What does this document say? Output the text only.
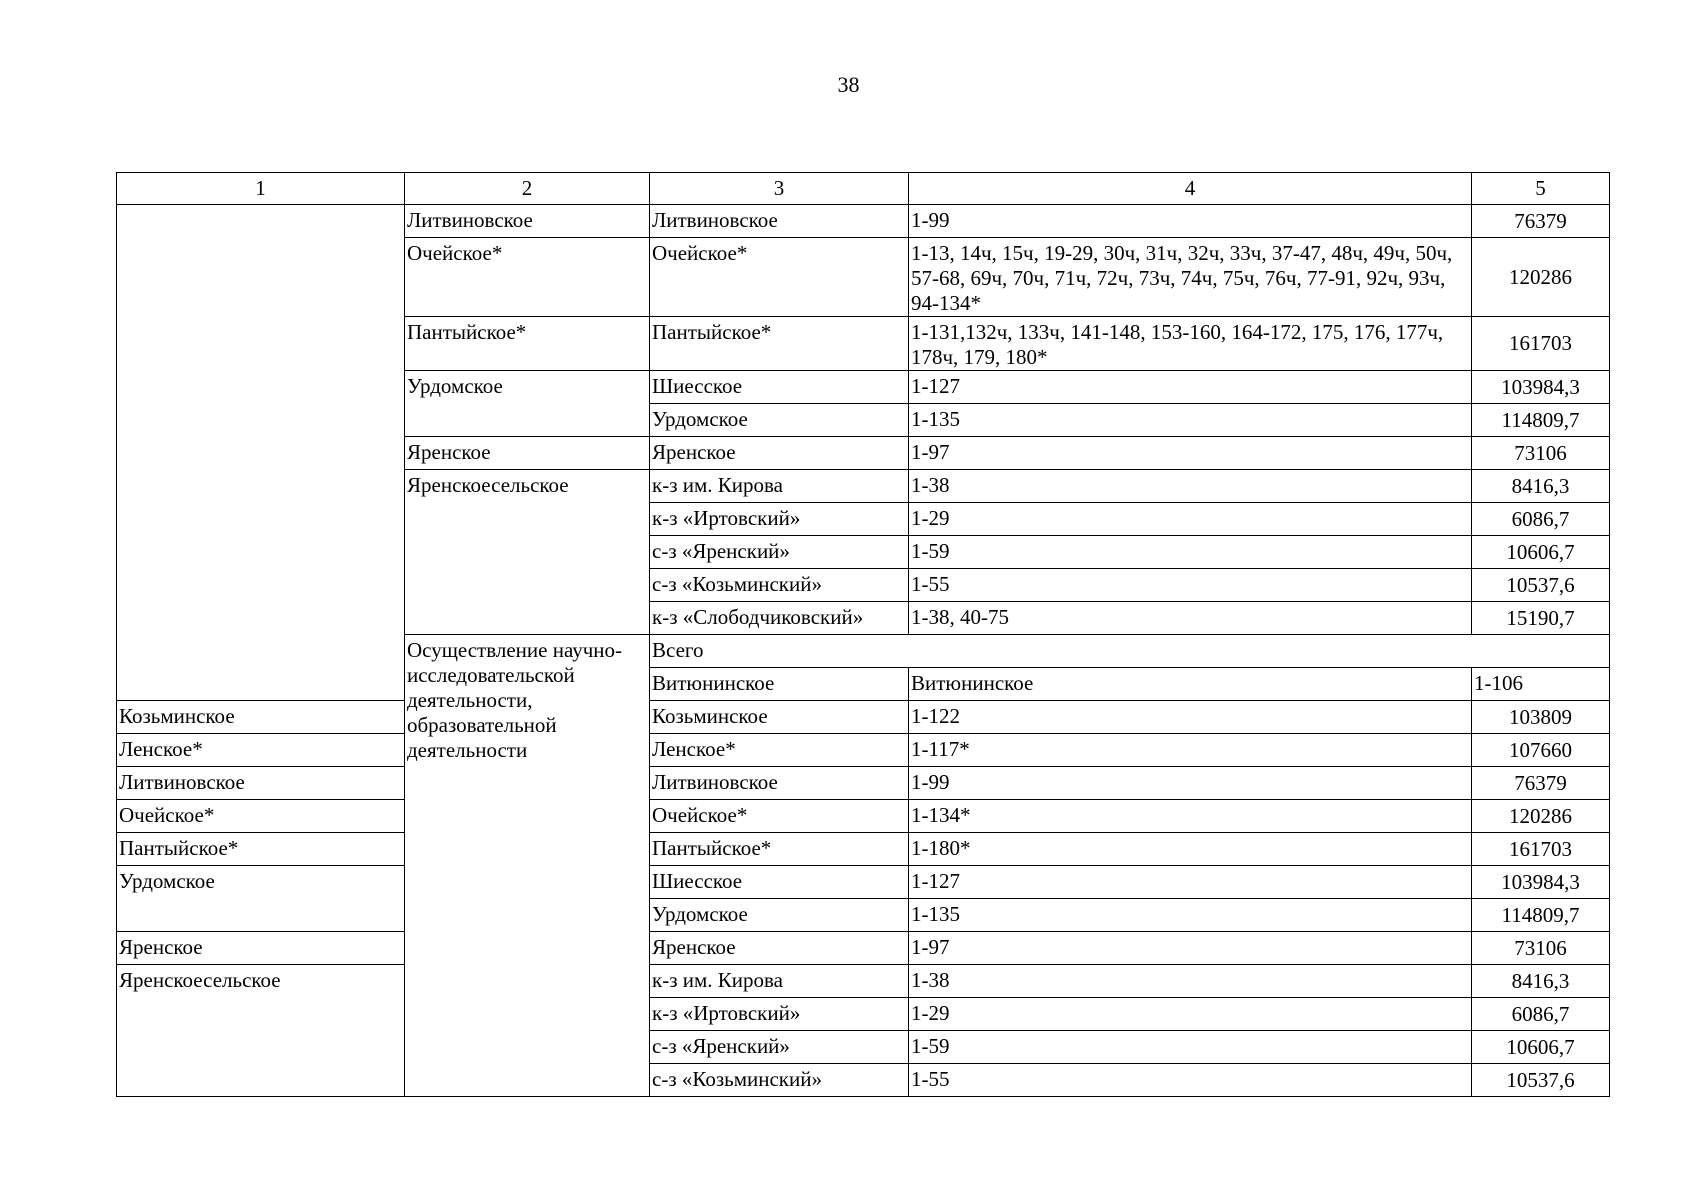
38
1	2	3	4	5	
	Литвиновское	Литвиновское	1-99	76379	
	Очейское*	Очейское*	1-13, 14ч, 15ч, 19-29, 30ч, 31ч, 32ч, 33ч, 37-47, 48ч, 49ч, 50ч, 57-68, 69ч, 70ч, 71ч, 72ч, 73ч, 74ч, 75ч, 76ч, 77-91, 92ч, 93ч, 94-134*	120286	
	Пантыйское*	Пантыйское*	1-131,132ч, 133ч, 141-148, 153-160, 164-172, 175, 176, 177ч, 178ч, 179, 180*	161703	
	Урдомское	Шиесское	1-127	103984,3	
		Урдомское	1-135	114809,7	
	Яренское	Яренское	1-97	73106	
	Яренскоесельское	к-з им. Кирова	1-38	8416,3	
		к-з «Иртовский»	1-29	6086,7	
		с-з «Яренский»	1-59	10606,7	
		с-з «Козьминский»	1-55	10537,6	
		к-з «Слободчиковский»	1-38, 40-75	15190,7	
	Осуществление научно-исследовательской деятельности, образовательной деятельности	Всего	
		Витюнинское	Витюнинское	1-106	
Козьминское		Козьминское	1-122	103809	
Ленское*		Ленское*	1-117*	107660	
Литвиновское		Литвиновское	1-99	76379	
Очейское*		Очейское*	1-134*	120286	
Пантыйское*		Пантыйское*	1-180*	161703	
Урдомское		Шиесское	1-127	103984,3	
		Урдомское	1-135	114809,7	
Яренское		Яренское	1-97	73106	
Яренскоесельское		к-з им. Кирова	1-38	8416,3	
		к-з «Иртовский»	1-29	6086,7	
		с-з «Яренский»	1-59	10606,7	
		с-з «Козьминский»	1-55	10537,6	
